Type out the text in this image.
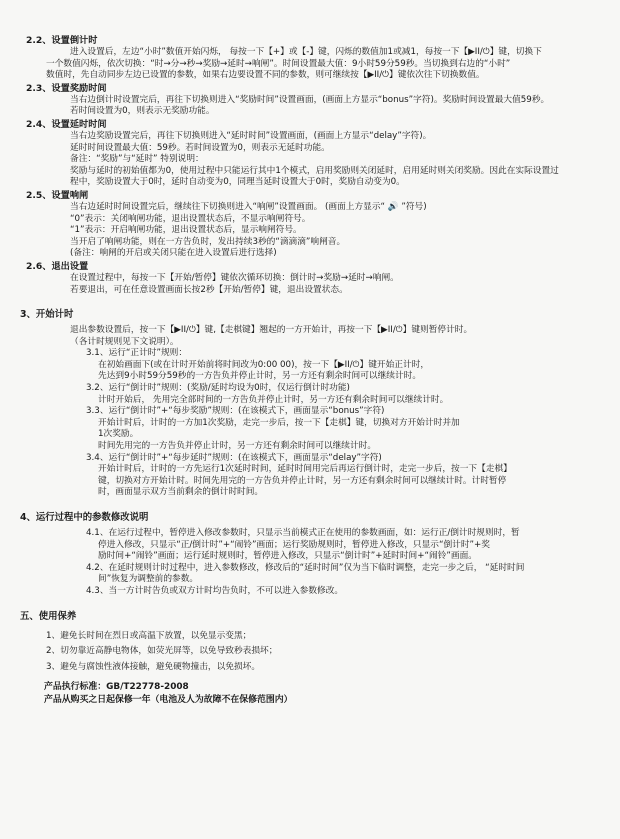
2.2、设置倒计时
进入设置后，左边“小时”数值开始闪烁， 每按一下【+】或【-】键，闪烁的数值加1或减1，每按一下【▶II/⏻】键，切换下
一个数值闪烁，依次切换：“时→分→秒→奖励→延时→响闸”。时间设置最大值：9小时59分59秒。当切换到右边的“小时”
数值时，先自动同步左边已设置的参数，如果右边要设置不同的参数，则可继续按【▶II/⏻】键依次往下切换数值。
2.3、设置奖励时间
当右边倒计时设置完后，再往下切换则进入“奖励时间”设置画面，(画面上方显示“bonus”字符)。奖励时间设置最大值59秒。
若时间设置为0，则表示无奖励功能。
2.4、设置延时时间
当右边奖励设置完后，再往下切换则进入“延时时间”设置画面，(画面上方显示“delay”字符)。
延时时间设置最大值：59秒。若时间设置为0，则表示无延时功能。
备注：“奖励”与“延时” 特别说明：
奖励与延时的初始值都为0，使用过程中只能运行其中1个模式，启用奖励则关闭延时，启用延时则关闭奖励。因此在实际设置过
程中，奖励设置大于0时，延时自动变为0，同理当延时设置大于0时，奖励自动变为0。
2.5、设置响闸
当右边延时时间设置完后，继续往下切换则进入“响闸”设置画面。 (画面上方显示“ 🔊 ”符号)
“0”表示：关闭响闸功能，退出设置状态后，不显示响闸符号。
“1”表示：开启响闸功能，退出设置状态后，显示响闸符号。
当开启了响闸功能，则在一方告负时，发出持续3秒的“滴滴滴”响闸音。
(备注：响闸的开启或关闭只能在进入设置后进行选择)
2.6、退出设置
在设置过程中，每按一下【开始/暂停】键依次循环切换：倒计时→奖励→延时→响闸。
若要退出，可在任意设置画面长按2秒【开始/暂停】键，退出设置状态。
3、开始计时
退出参数设置后，按一下【▶II/⏻】键,【走棋键】翘起的一方开始计，再按一下【▶II/⏻】键则暂停计时。
（各计时规则见下文说明）。
3.1、运行“正计时”规则：
在初始画面下(或在计时开始前将时间改为0:00 00)，按一下【▶II/⏻】键开始正计时，
先达到9小时59分59秒的一方告负并停止计时，另一方还有剩余时间可以继续计时。
3.2、运行“倒计时”规则：(奖励/延时均设为0时，仅运行倒计时功能)
计时开始后， 先用完全部时间的一方告负并停止计时，另一方还有剩余时间可以继续计时。
3.3、运行“倒计时”+“每步奖励”规则：(在该模式下，画面显示“bonus”字符)
开始计时后，计时的一方加1次奖励，走完一步后，按一下【走棋】键，切换对方开始计时并加
1次奖励。
时间先用完的一方告负并停止计时，另一方还有剩余时间可以继续计时。
3.4、运行“倒计时”+“每步延时”规则：(在该模式下，画面显示“delay”字符)
开始计时后，计时的一方先运行1次延时时间，延时时间用完后再运行倒计时，走完一步后，按一下【走棋】
键，切换对方开始计时。时间先用完的一方告负并停止计时，另一方还有剩余时间可以继续计时。计时暂停
时，画面显示双方当前剩余的倒计时时间。
4、运行过程中的参数修改说明
4.1、在运行过程中，暂停进入修改参数时，只显示当前模式正在使用的参数画面，如：运行正/倒计时规则时，暂
停进入修改，只显示“正/倒计时”+“闹铃”画面；运行奖励规则时，暂停进入修改，只显示“倒计时”+奖
励时间+“闹铃”画面；运行延时规则时，暂停进入修改，只显示“倒计时”+延时时间+“闹铃”画面。
4.2、在延时规则计时过程中，进入参数修改，修改后的“延时时间”仅为当下临时调整，走完一步之后， “延时时间
间”恢复为调整前的参数。
4.3、当一方计时告负或双方计时均告负时，不可以进入参数修改。
五、使用保养
1、避免长时间在烈日或高温下放置，以免显示变黑；
2、切勿靠近高静电物体，如荧光屏等，以免导致秒表损坏；
3、避免与腐蚀性液体接触，避免硬物撞击，以免损坏。
产品执行标准：GB/T22778-2008
产品从购买之日起保修一年（电池及人为故障不在保修范围内）
